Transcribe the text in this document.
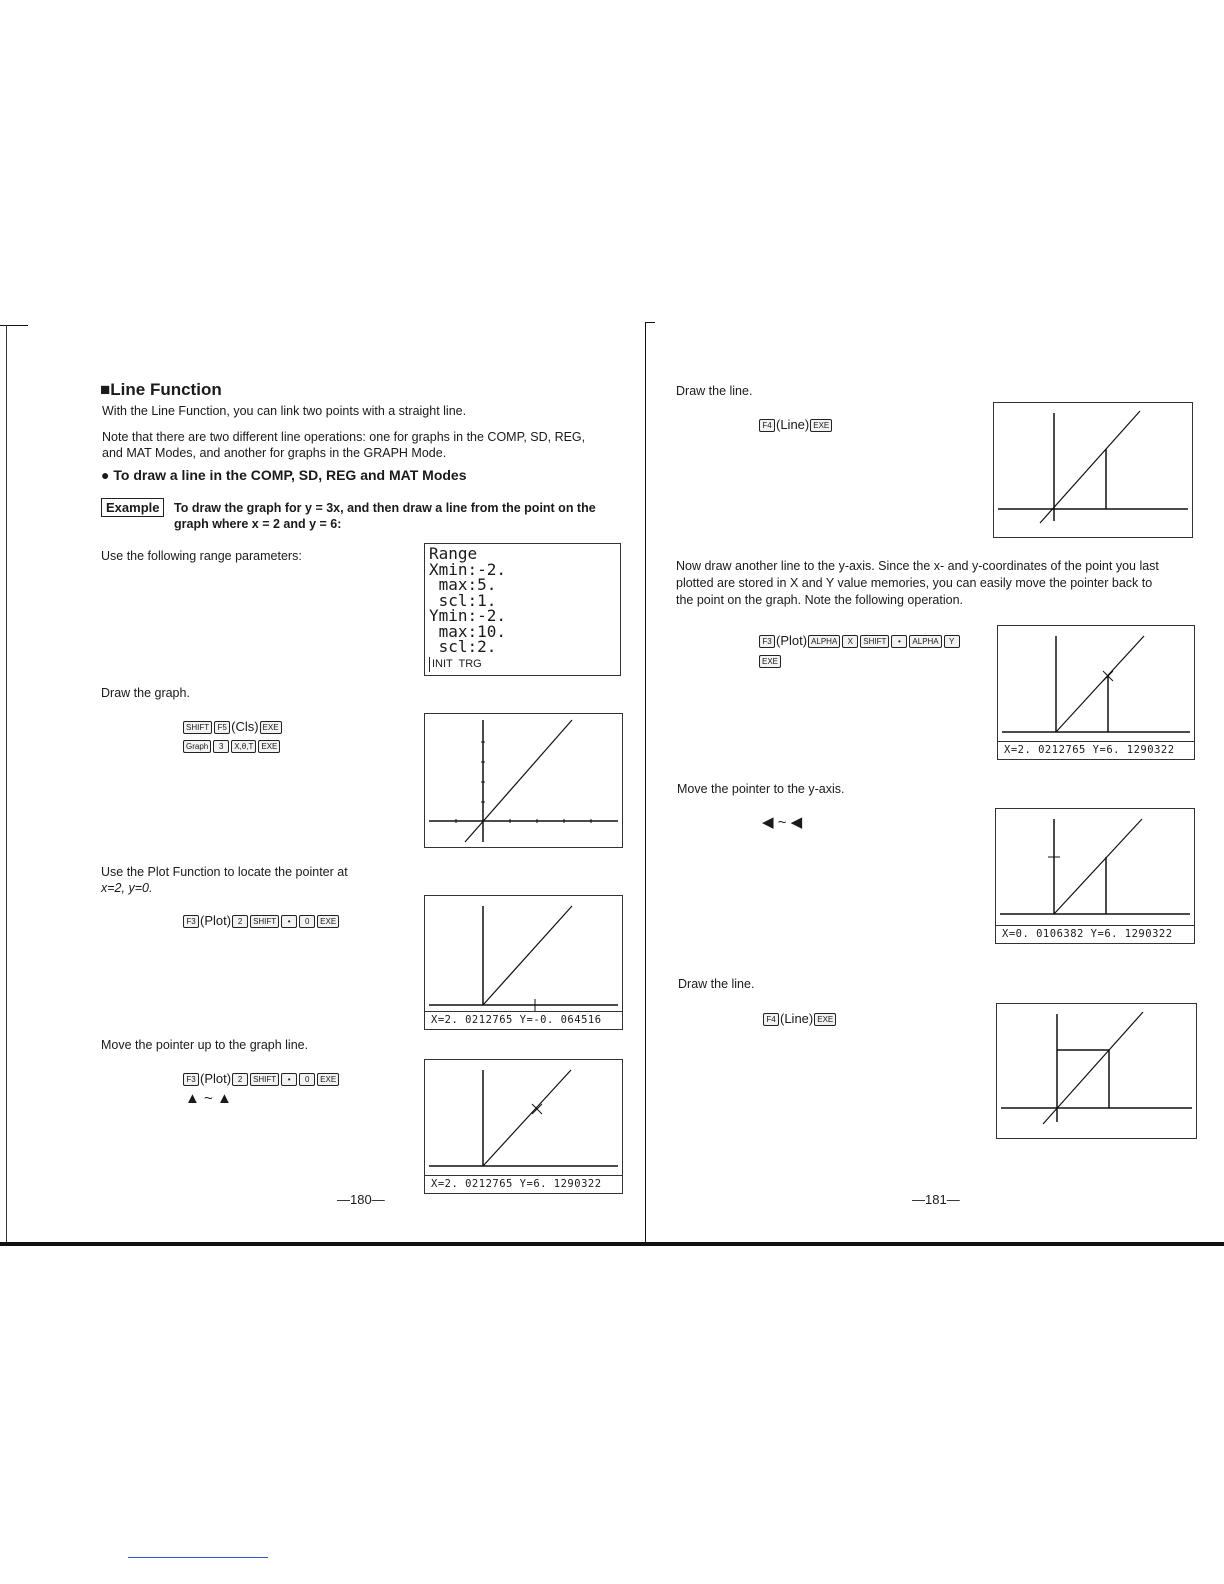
■Line Function
With the Line Function, you can link two points with a straight line.
Note that there are two different line operations: one for graphs in the COMP, SD, REG,
and MAT Modes, and another for graphs in the GRAPH Mode.
● To draw a line in the COMP, SD, REG and MAT Modes
Example	To draw the graph for y = 3x, and then draw a line from the point on the
graph where x = 2 and y = 6:
Use the following range parameters:	Range
Xmin:-2.
max:5.
scl:1.
Ymin:-2.
max:10.
scl:2.
INIT  TRG
Draw the graph.
SHIFT F5 (Cls) EXE
Graph 3 X,θ,T EXE
Use the Plot Function to locate the pointer at
x=2, y=0.
F3 (Plot) 2 SHIFT • 0 EXE
X=2. 0212765 Y=-0. 064516
Move the pointer up to the graph line.
F3 (Plot) 2 SHIFT • 0 EXE
▲ ~ ▲
X=2. 0212765 Y=6. 1290322
—180—
Draw the line.
F4 (Line) EXE
Now draw another line to the y-axis. Since the x- and y-coordinates of the point you last
plotted are stored in X and Y value memories, you can easily move the pointer back to
the point on the graph. Note the following operation.
F3 (Plot) ALPHA X SHIFT • ALPHA Y
EXE
X=2. 0212765 Y=6. 1290322
Move the pointer to the y-axis.
◀ ~ ◀
X=0. 0106382 Y=6. 1290322
Draw the line.
F4 (Line) EXE
—181—
